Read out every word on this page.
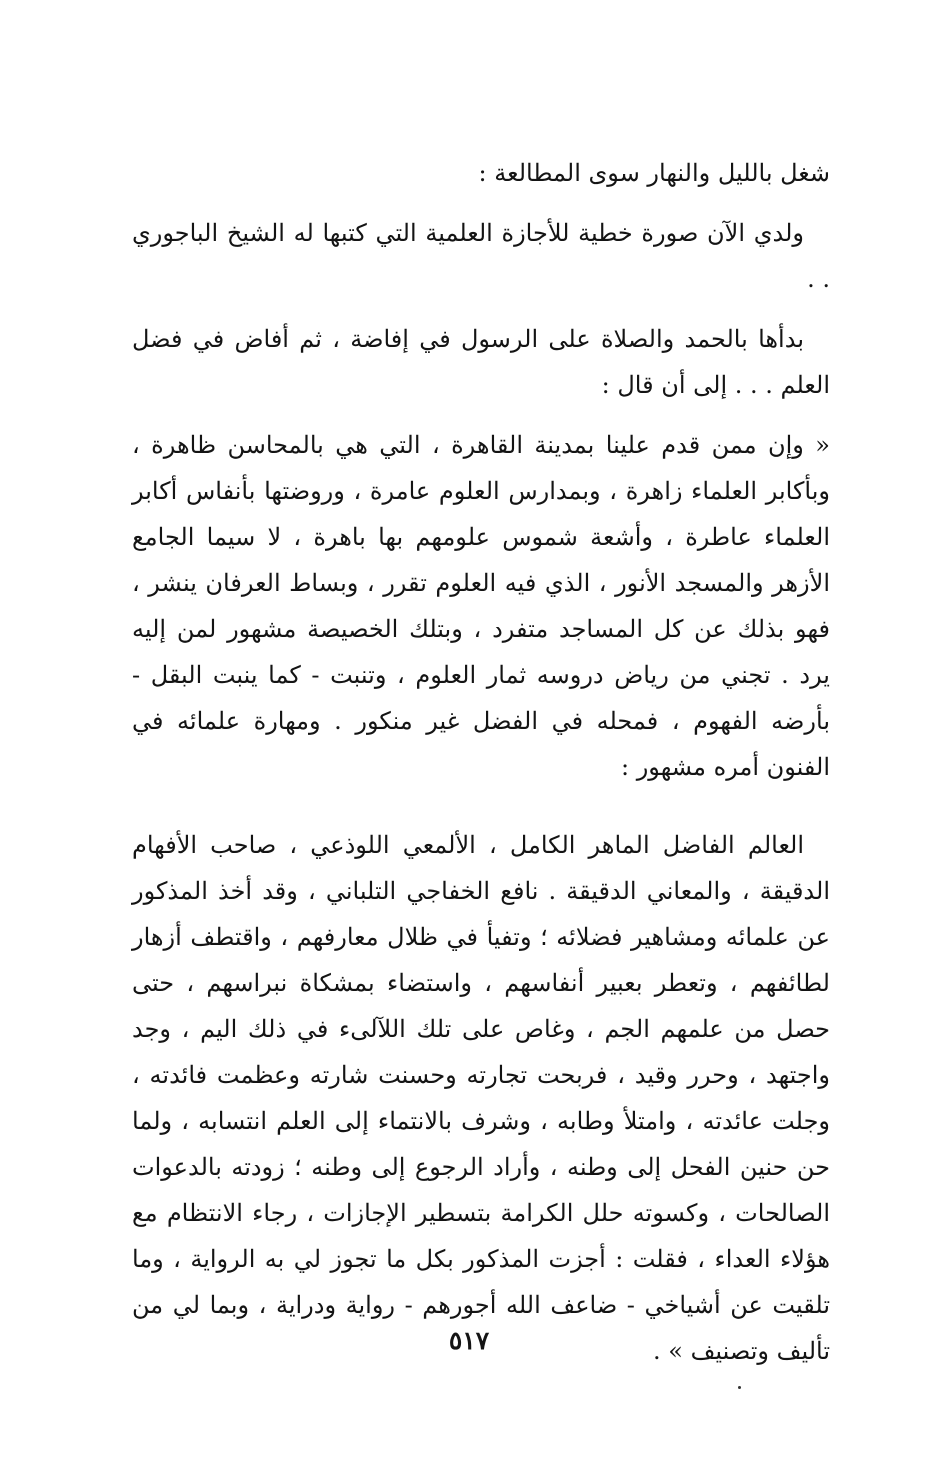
شغل بالليل والنهار سوى المطالعة :

ولدي الآن صورة خطية للأجازة العلمية التي كتبها له الشيخ الباجوري . .

بدأها بالحمد والصلاة على الرسول في إفاضة ، ثم أفاض في فضل العلم . . . إلى أن قال :

« وإن ممن قدم علينا بمدينة القاهرة ، التي هي بالمحاسن ظاهرة ، وبأكابر العلماء زاهرة ، وبمدارس العلوم عامرة ، وروضتها بأنفاس أكابر العلماء عاطرة ، وأشعة شموس علومهم بها باهرة ، لا سيما الجامع الأزهر والمسجد الأنور ، الذي فيه العلوم تقرر ، وبساط العرفان ينشر ، فهو بذلك عن كل المساجد متفرد ، وبتلك الخصيصة مشهور لمن إليه يرد . تجني من رياض دروسه ثمار العلوم ، وتنبت - كما ينبت البقل - بأرضه الفهوم ، فمحله في الفضل غير منكور . ومهارة علمائه في الفنون أمره مشهور :

العالم الفاضل الماهر الكامل ، الألمعي اللوذعي ، صاحب الأفهام الدقيقة ، والمعاني الدقيقة . نافع الخفاجي التلباني ، وقد أخذ المذكور عن علمائه ومشاهير فضلائه ؛ وتفيأ في ظلال معارفهم ، واقتطف أزهار لطائفهم ، وتعطر بعبير أنفاسهم ، واستضاء بمشكاة نبراسهم ، حتى حصل من علمهم الجم ، وغاص على تلك اللآلىء في ذلك اليم ، وجد واجتهد ، وحرر وقيد ، فربحت تجارته وحسنت شارته وعظمت فائدته ، وجلت عائدته ، وامتلأ وطابه ، وشرف بالانتماء إلى العلم انتسابه ، ولما حن حنين الفحل إلى وطنه ، وأراد الرجوع إلى وطنه ؛ زودته بالدعوات الصالحات ، وكسوته حلل الكرامة بتسطير الإجازات ، رجاء الانتظام مع هؤلاء العداء ، فقلت : أجزت المذكور بكل ما تجوز لي به الرواية ، وما تلقيت عن أشياخي - ضاعف الله أجورهم - رواية ودراية ، وبما لي من تأليف وتصنيف » .

٥١٧
